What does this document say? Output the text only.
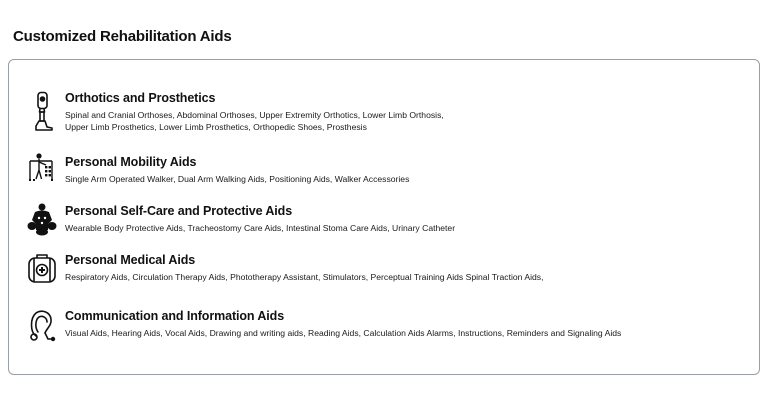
Customized Rehabilitation Aids
Orthotics and Prosthetics
Spinal and Cranial Orthoses, Abdominal Orthoses, Upper Extremity Orthotics, Lower Limb Orthosis,
Upper Limb Prosthetics, Lower Limb Prosthetics, Orthopedic Shoes, Prosthesis
Personal Mobility Aids
Single Arm Operated Walker, Dual Arm Walking Aids, Positioning Aids, Walker Accessories
Personal Self-Care and Protective Aids
Wearable Body Protective Aids, Tracheostomy Care Aids, Intestinal Stoma Care Aids, Urinary Catheter
Personal Medical Aids
Respiratory Aids, Circulation Therapy Aids, Phototherapy Assistant, Stimulators, Perceptual Training Aids Spinal Traction Aids,
Communication and Information Aids
Visual Aids, Hearing Aids, Vocal Aids, Drawing and writing aids, Reading Aids, Calculation Aids Alarms, Instructions, Reminders and Signaling Aids
